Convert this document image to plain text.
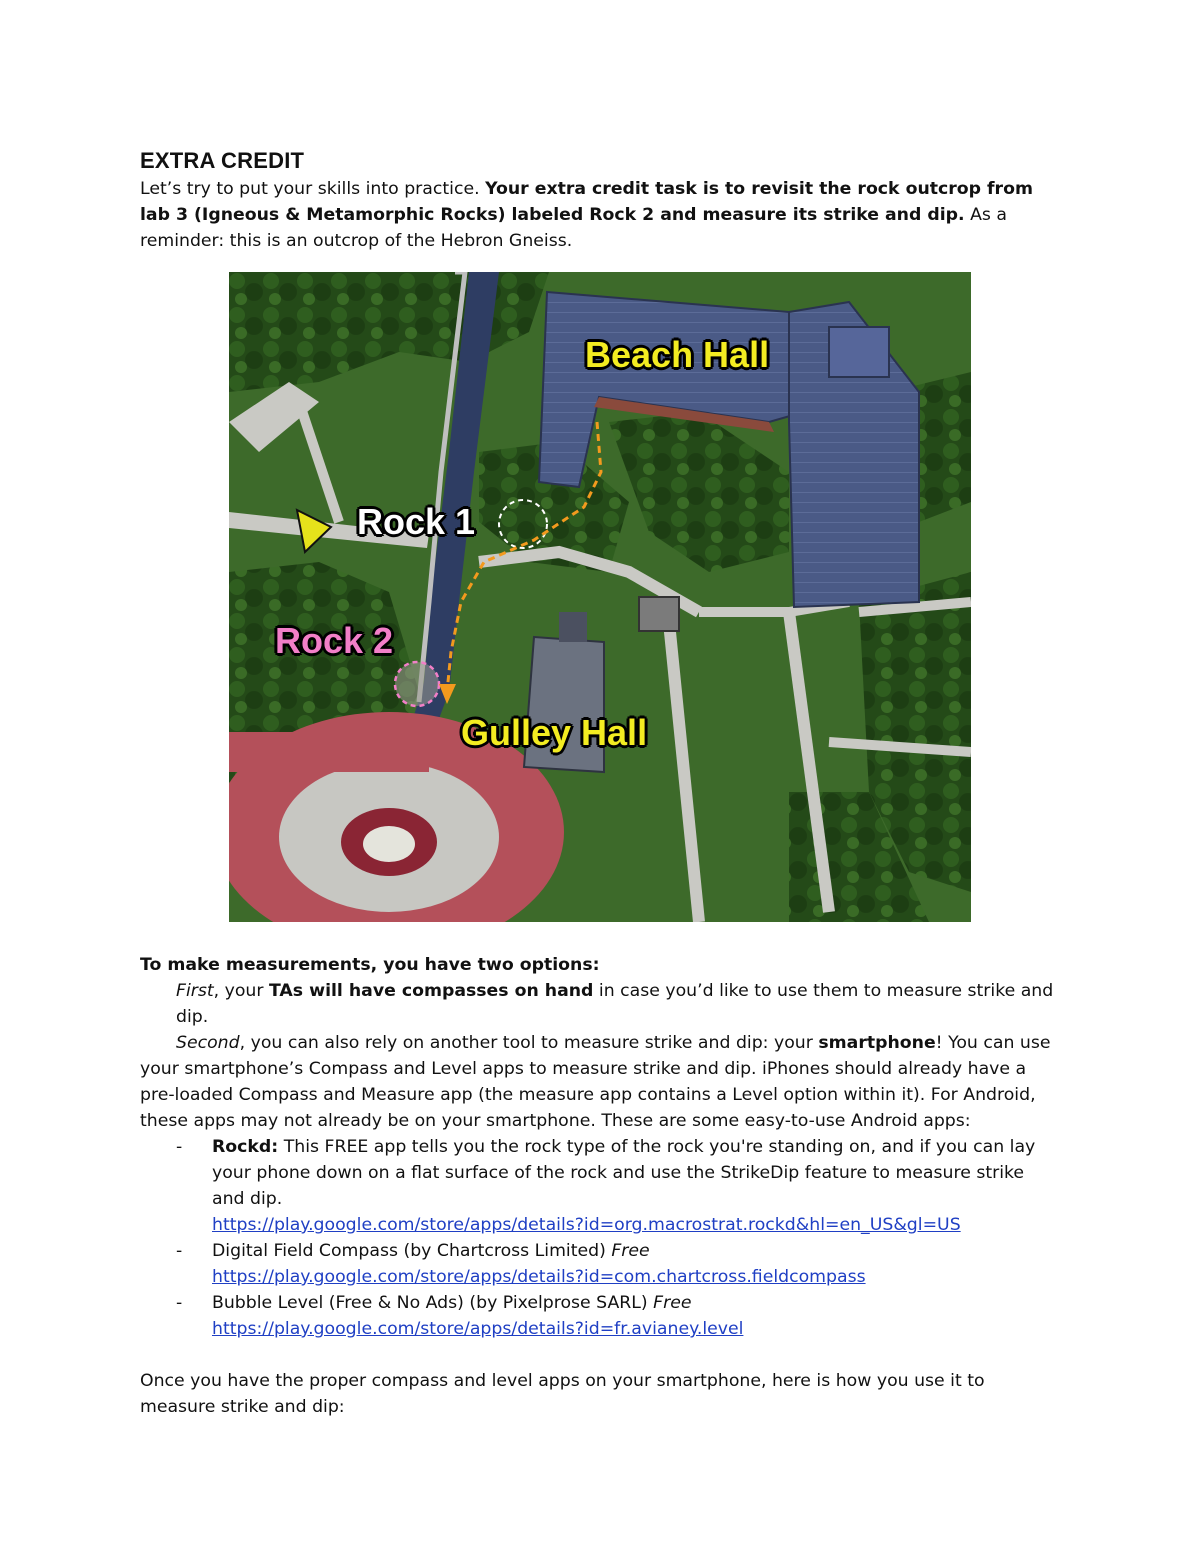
EXTRA CREDIT

Let’s try to put your skills into practice. Your extra credit task is to revisit the rock outcrop from lab 3 (Igneous & Metamorphic Rocks) labeled Rock 2 and measure its strike and dip. As a reminder: this is an outcrop of the Hebron Gneiss.

Beach Hall
Rock 1
Rock 2
Gulley Hall

To make measurements, you have two options:

First, your TAs will have compasses on hand in case you’d like to use them to measure strike and dip.

Second, you can also rely on another tool to measure strike and dip: your smartphone! You can use your smartphone’s Compass and Level apps to measure strike and dip. iPhones should already have a pre-loaded Compass and Measure app (the measure app contains a Level option within it). For Android, these apps may not already be on your smartphone. These are some easy-to-use Android apps:

- Rockd: This FREE app tells you the rock type of the rock you're standing on, and if you can lay your phone down on a flat surface of the rock and use the StrikeDip feature to measure strike and dip.
https://play.google.com/store/apps/details?id=org.macrostrat.rockd&hl=en_US&gl=US
- Digital Field Compass (by Chartcross Limited) Free
https://play.google.com/store/apps/details?id=com.chartcross.fieldcompass
- Bubble Level (Free & No Ads) (by Pixelprose SARL) Free
https://play.google.com/store/apps/details?id=fr.avianey.level

Once you have the proper compass and level apps on your smartphone, here is how you use it to measure strike and dip:
